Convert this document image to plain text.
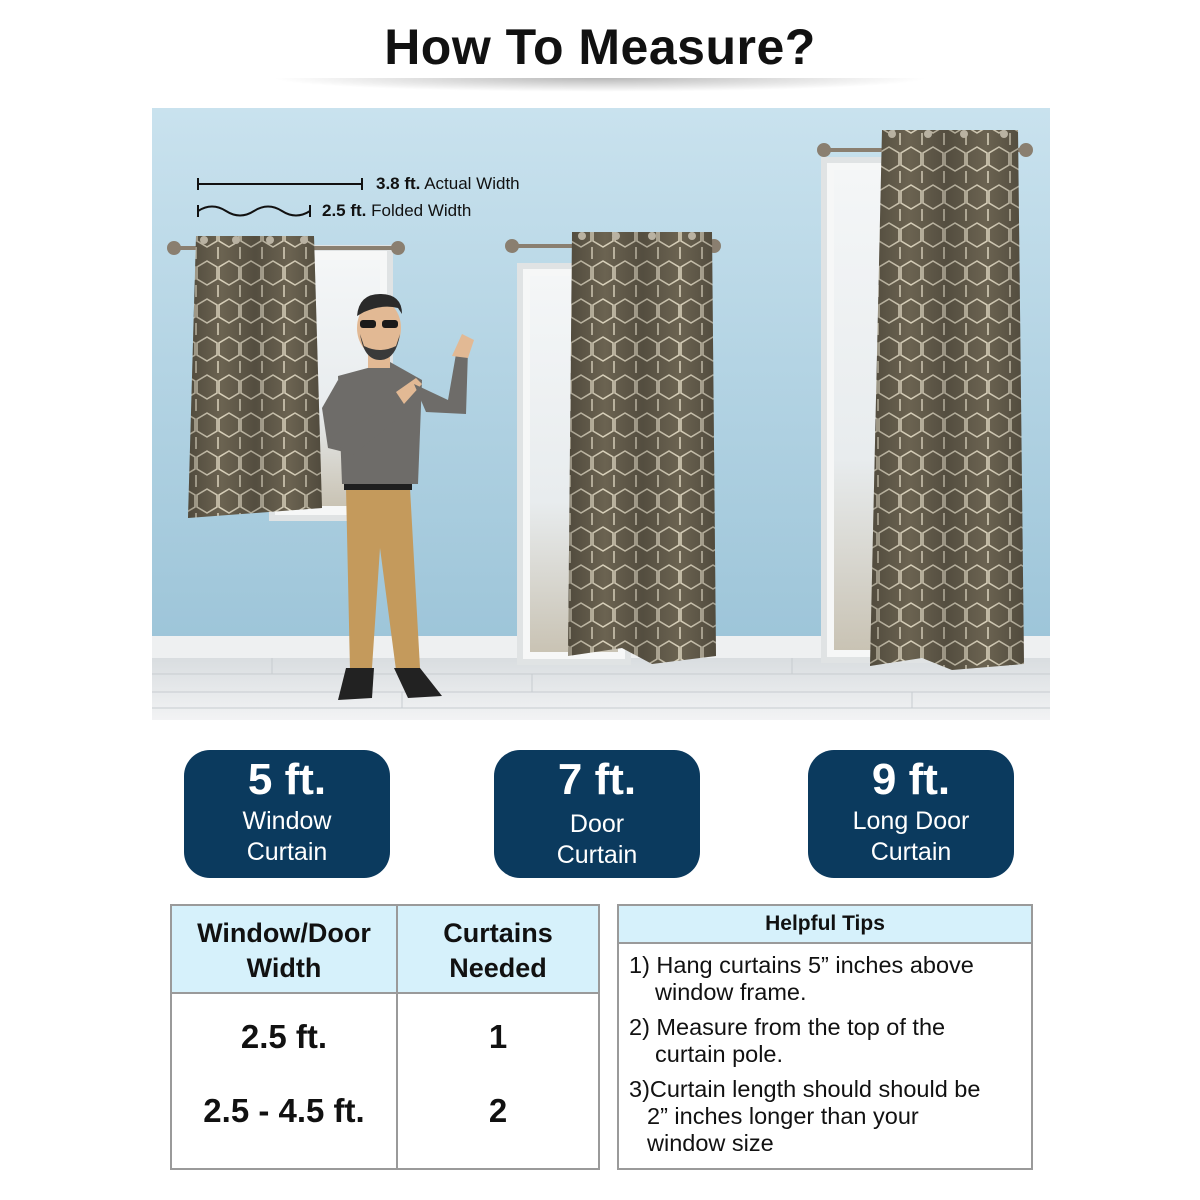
How To Measure?
3.8 ft. Actual Width
2.5 ft. Folded Width
5 ft.
Window
Curtain
7 ft.
Door
Curtain
9 ft.
Long Door
Curtain
Window/Door
Width
Curtains
Needed
2.5 ft.	1
2.5 - 4.5 ft.	2
Helpful Tips
1) Hang curtains 5” inches above
window frame.
2) Measure from the top of the
curtain pole.
3)Curtain length should should be
2” inches longer than your
window size
